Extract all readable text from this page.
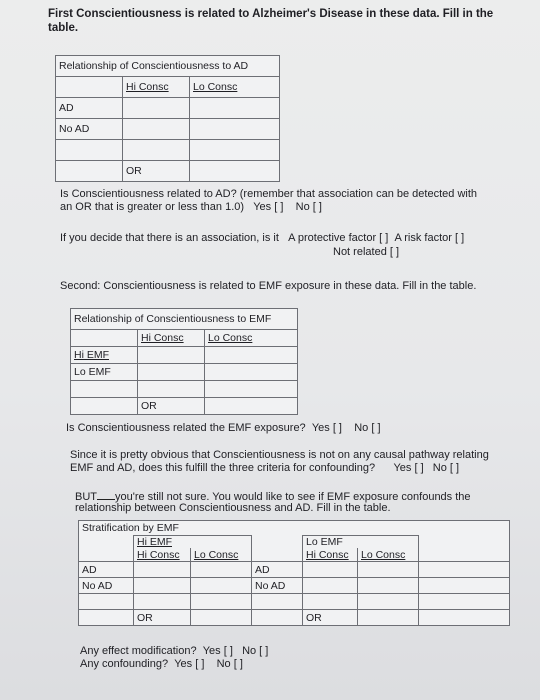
First Conscientiousness is related to Alzheimer's Disease in these data. Fill in the
table.
Relationship of Conscientiousness to AD		
	Hi Consc	Lo Consc
AD		
No AD		

	OR	
Is Conscientiousness related to AD? (remember that association can be detected with
an OR that is greater or less than 1.0) Yes [ ] No [ ]
If you decide that there is an association, is it A protective factor [ ] A risk factor [ ]
Not related [ ]
Second: Conscientiousness is related to EMF exposure in these data. Fill in the table.
Relationship of Conscientiousness to EMF		
	Hi Consc	Lo Consc
Hi EMF		
Lo EMF		

	OR	
Is Conscientiousness related the EMF exposure? Yes [ ] No [ ]
Since it is pretty obvious that Conscientiousness is not on any causal pathway relating
EMF and AD, does this fulfill the three criteria for confounding? Yes [ ] No [ ]
BUT you're still not sure. You would like to see if EMF exposure confounds the
relationship between Conscientiousness and AD. Fill in the table.
Stratification by EMF						
	Hi EMF			Lo EMF		
	Hi Consc	Lo Consc		Hi Consc	Lo Consc	
AD			AD			
No AD			No AD			

	OR			OR		
Any effect modification? Yes [ ] No [ ]
Any confounding? Yes [ ] No [ ]
